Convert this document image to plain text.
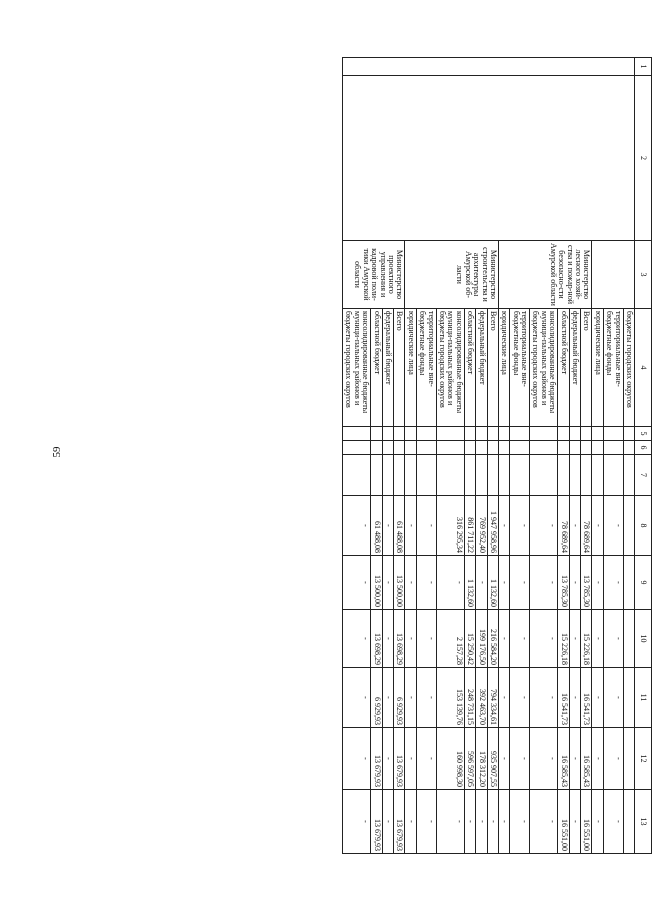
59
1	2	3	4	5	6	7	8	9	10	11	12	13
			бюджеты городских округов									
			территориальные вне-бюджетные фонды				-	-	-	-	-	-
			юридические лица				-	-	-	-	-	-
		Министерство лесного хозяй-ства и пожар-ной безопасно-сти Амурской области	Всего				78 689,64	13 785,30	15 226,18	16 541,73	16 585,43	16 551,00
			федеральный бюджет				-	-	-	-	-	-
			областной бюджет				78 689,64	13 785,30	15 226,18	16 541,73	16 585,43	16 551,00
			консолидированные бюджеты муници-пальных районов и бюджеты городских округов				-	-	-	-	-	-
			территориальные вне-бюджетные фонды				-	-	-	-	-	-
			юридические лица				-	-	-	-	-	-
		Министерство строительства и архитектуры Амурской об-ласти	Всего				1 947 958,96	1 132,60	216 584,20	794 334,61	935 907,55	-
			федеральный бюджет				769 952,40	-	199 176,50	392 463,70	178 312,20	-
			областной бюджет				861 711,22	1 132,60	15 250,42	248 731,15	596 597,05	-
			консолидированные бюджеты муници-пальных районов и бюджеты городских округов				316 295,34	-	2 157,28	153 139,76	160 998,30	-
			территориальные вне-бюджетные фонды				-	-	-	-	-	-
			юридические лица				-	-	-	-	-	-
		Министерство проектного управления и кадровой поли-тики Амурской области	Всего				61 488,08	13 500,00	13 698,29	6 929,93	13 679,93	13 679,93
			федеральный бюджет				-	-	-	-	-	-
			областной бюджет				61 488,08	13 500,00	13 698,29	6 929,93	13 679,93	13 679,93
			консолидированные бюджеты муници-пальных районов и бюджеты городских округов				-	-	-	-	-	-
